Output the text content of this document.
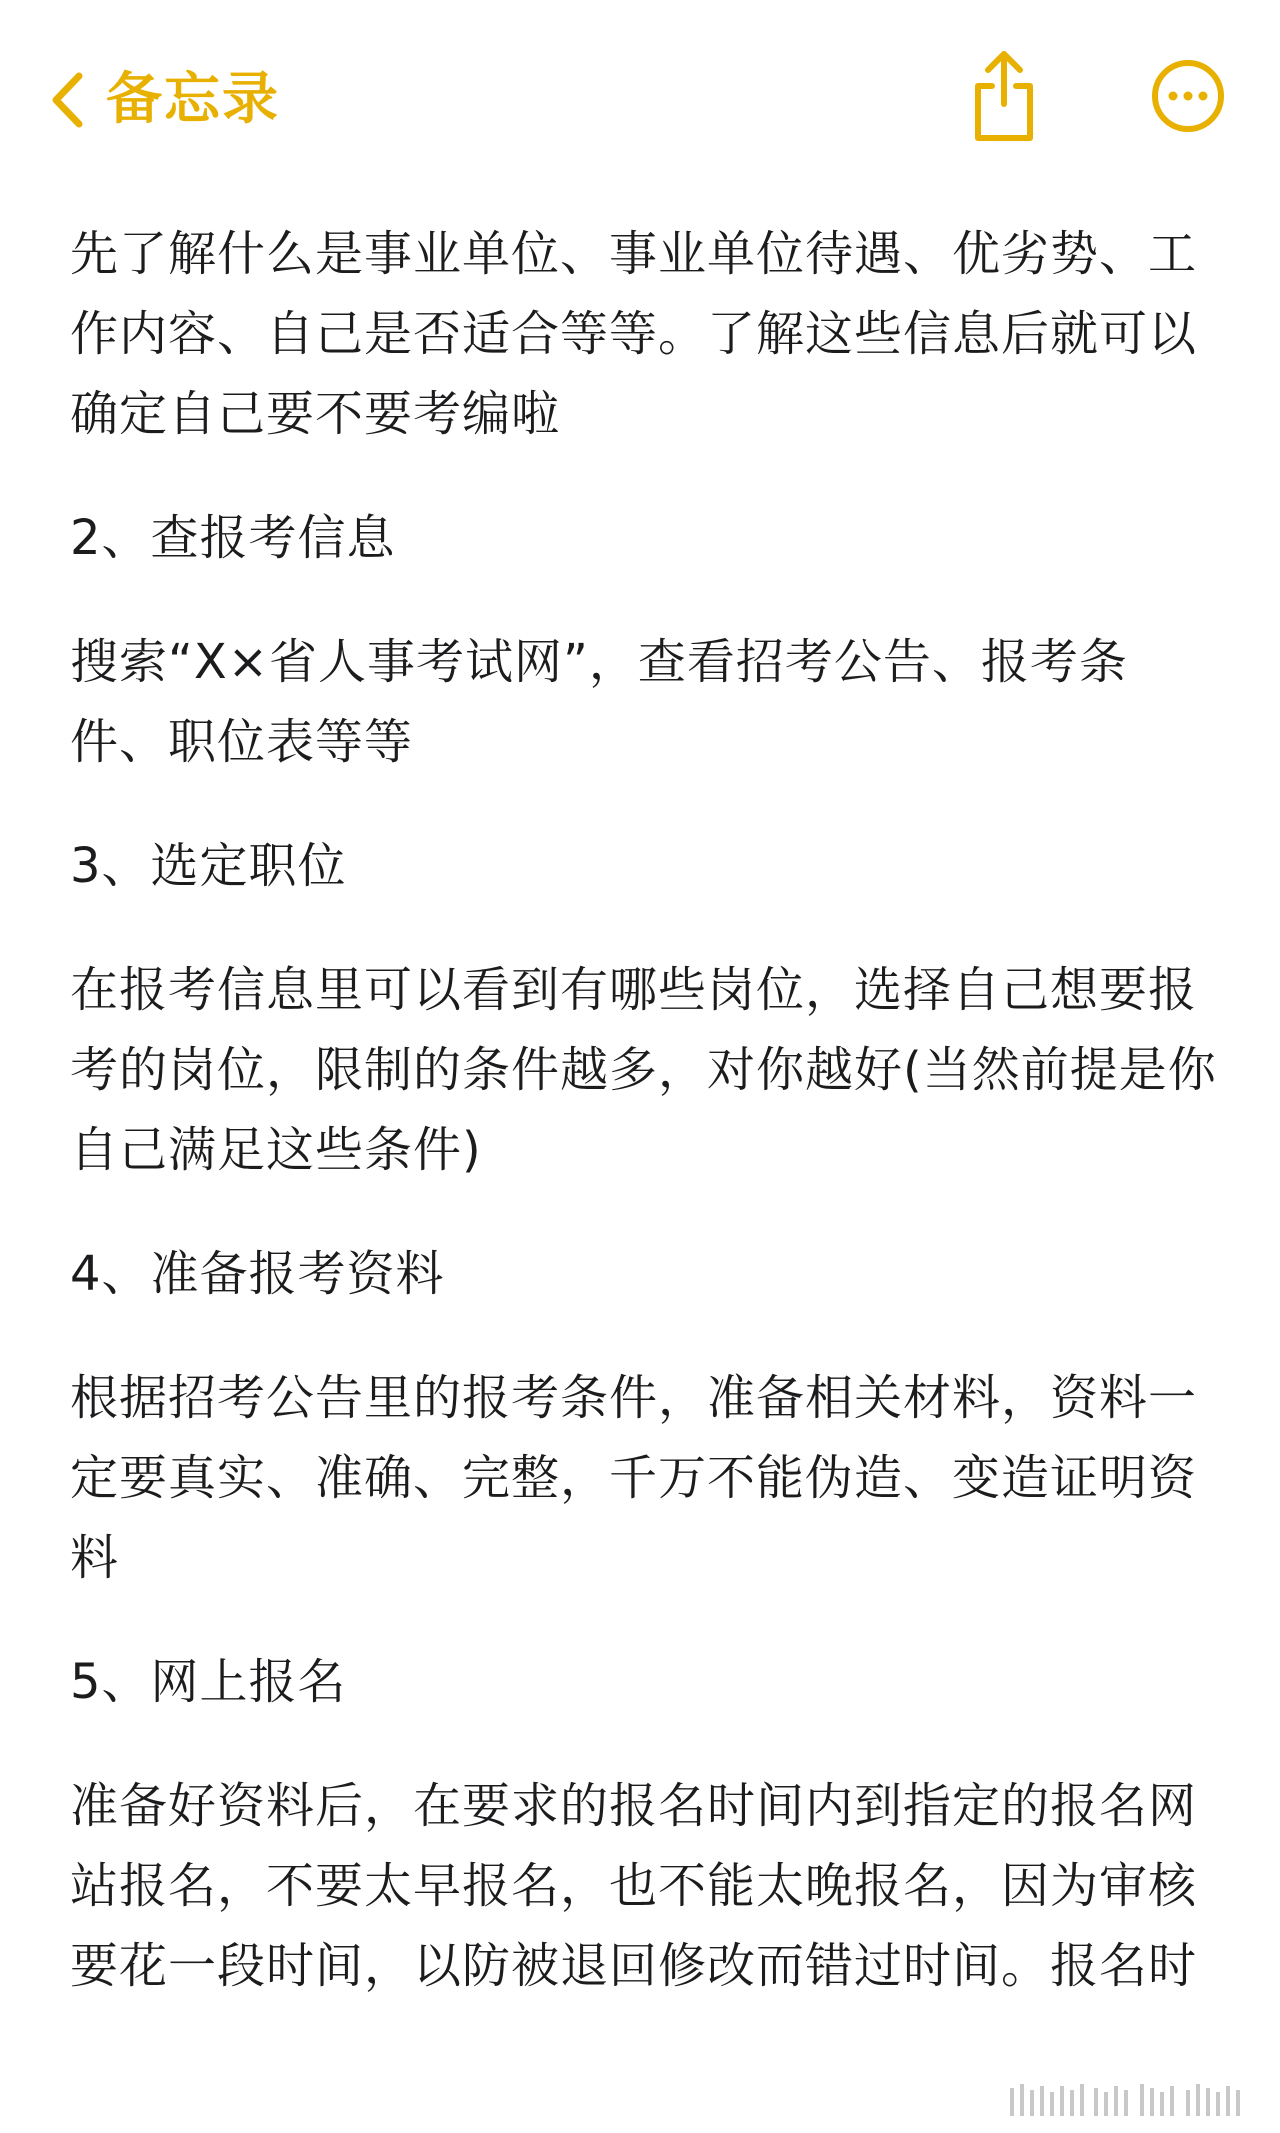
备忘录

先了解什么是事业单位、事业单位待遇、优劣势、工作内容、自己是否适合等等。了解这些信息后就可以确定自己要不要考编啦

2、查报考信息

搜索“X×省人事考试网”，查看招考公告、报考条件、职位表等等

3、选定职位

在报考信息里可以看到有哪些岗位，选择自己想要报考的岗位，限制的条件越多，对你越好(当然前提是你自己满足这些条件)

4、准备报考资料

根据招考公告里的报考条件，准备相关材料，资料一定要真实、准确、完整，千万不能伪造、变造证明资料

5、网上报名

准备好资料后，在要求的报名时间内到指定的报名网站报名，不要太早报名，也不能太晚报名，因为审核要花一段时间，以防被退回修改而错过时间。报名时
